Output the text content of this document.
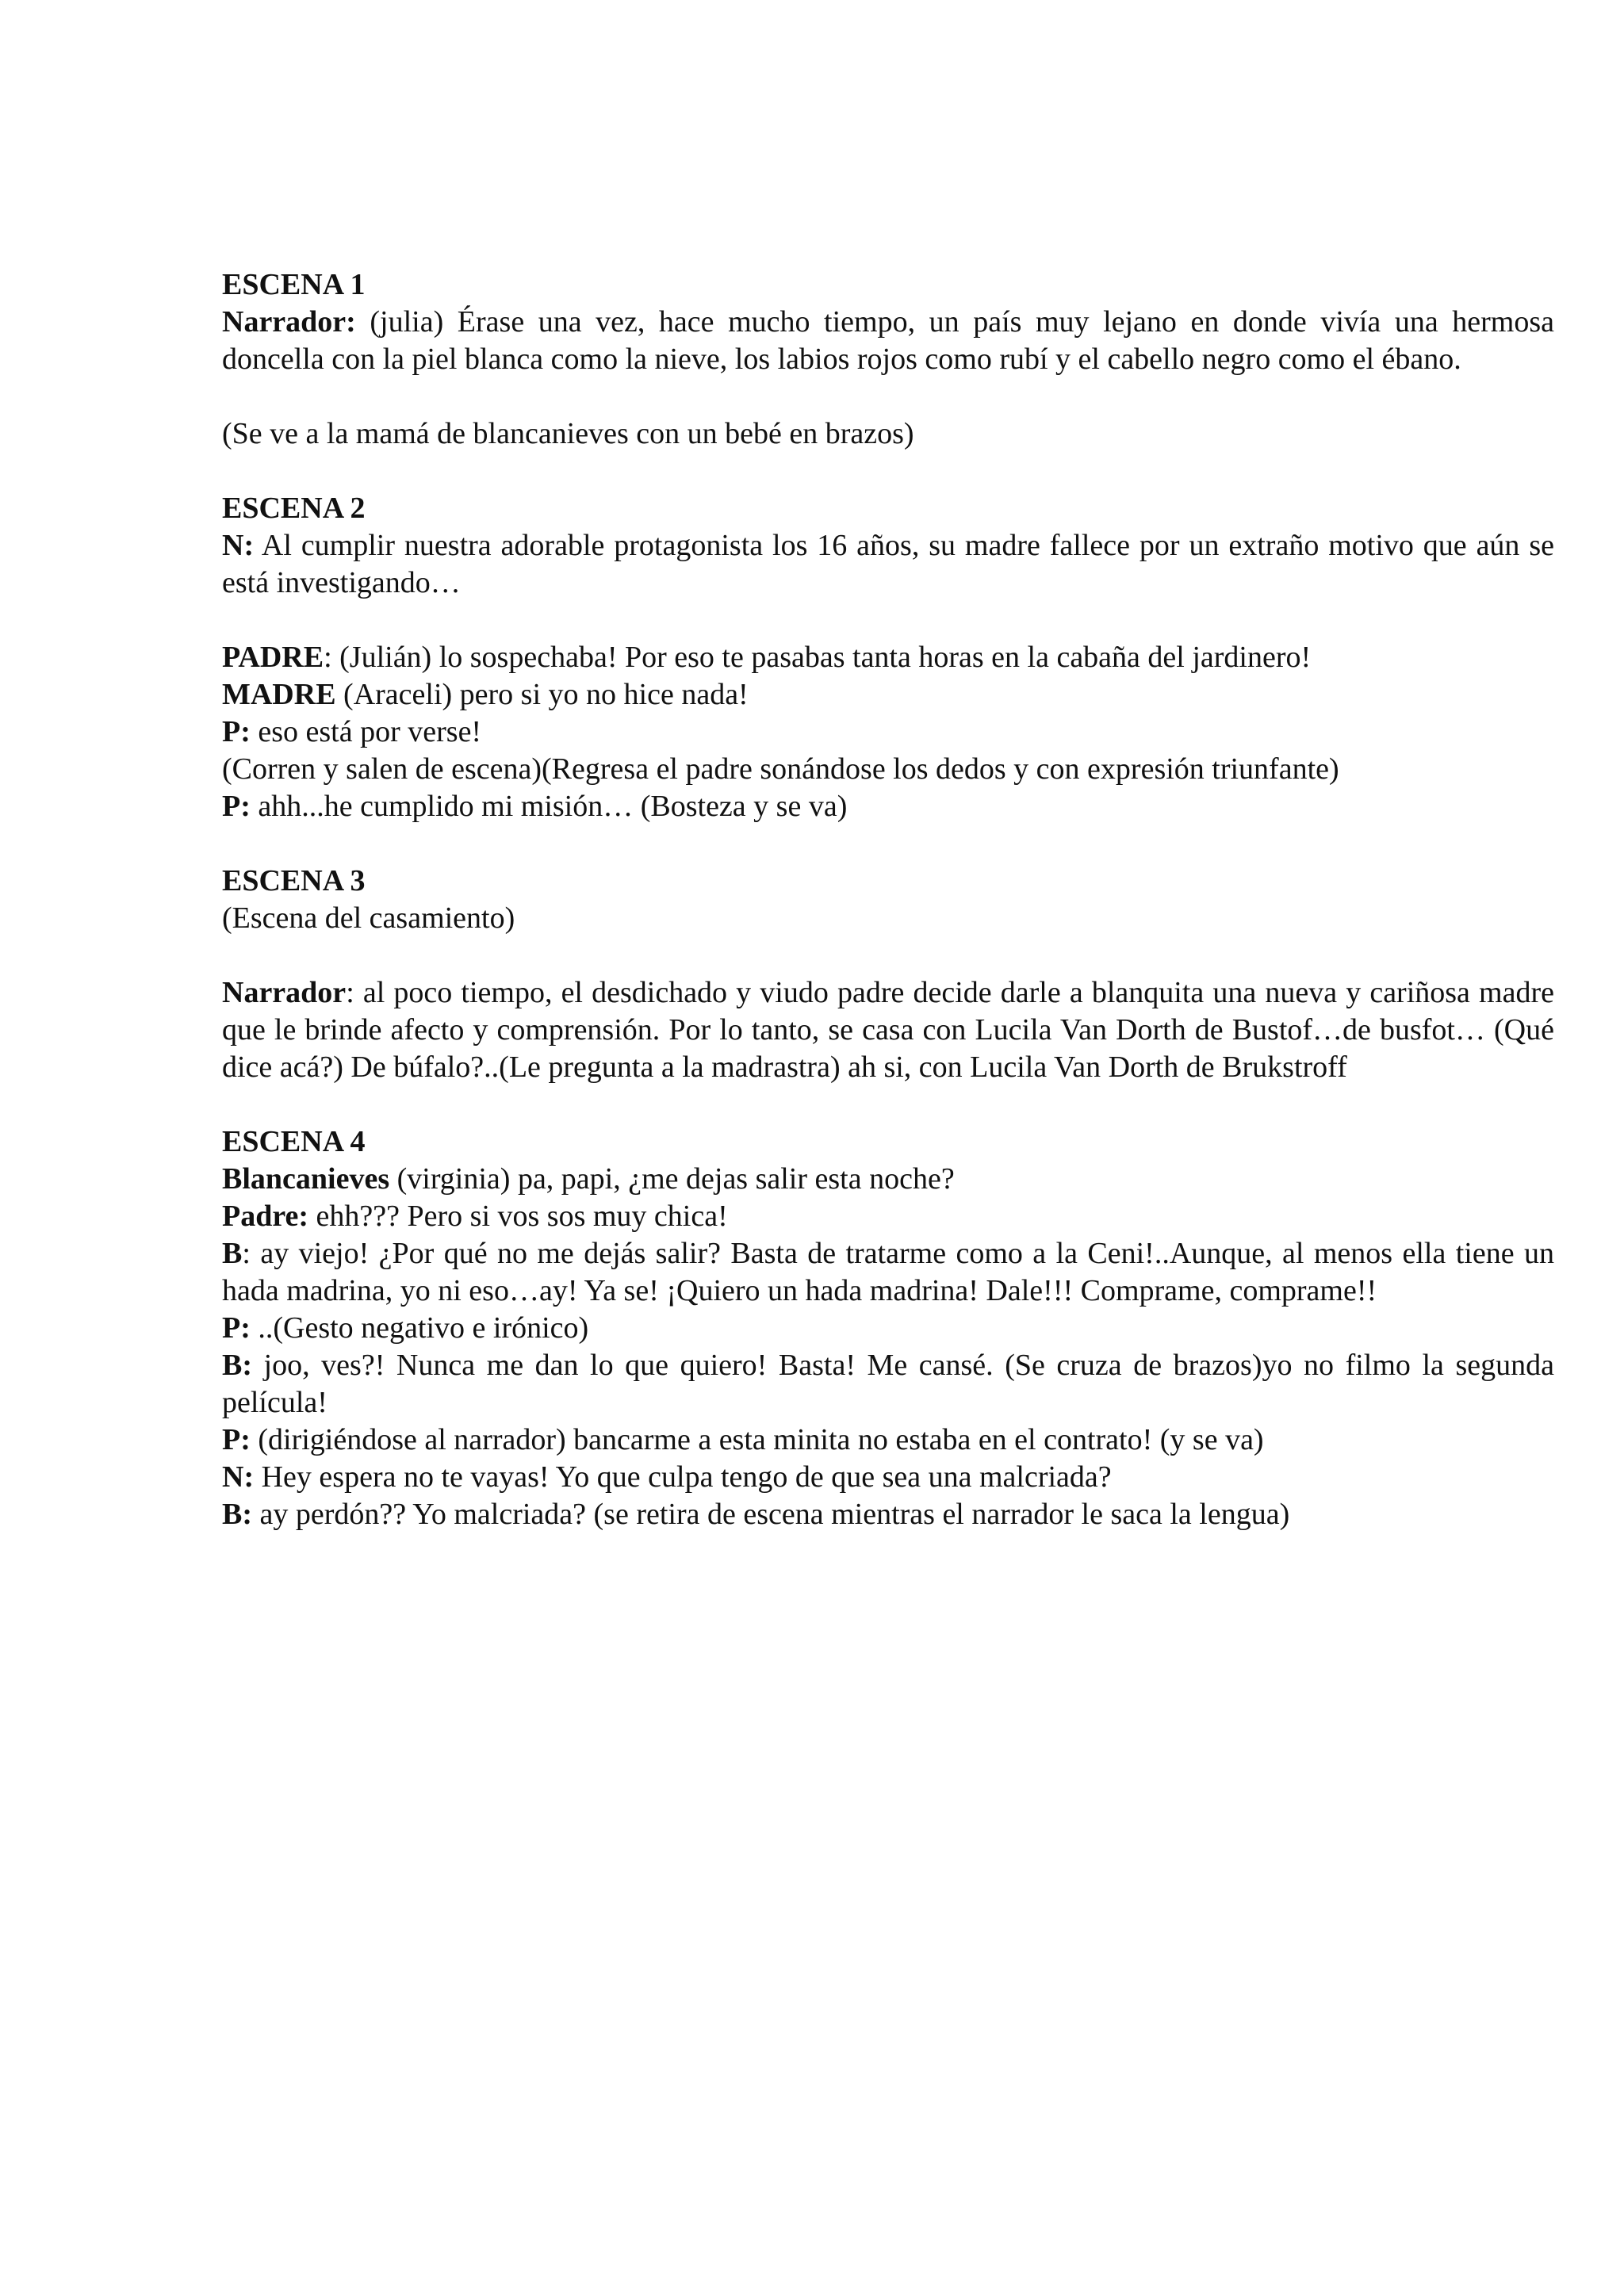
ESCENA 1
Narrador: (julia) Érase una vez, hace mucho tiempo, un país muy lejano en donde vivía una hermosa doncella con la piel blanca como la nieve, los labios rojos como rubí y el cabello negro como el ébano.
(Se ve a la mamá de blancanieves con un bebé en brazos)
ESCENA 2
N: Al cumplir nuestra adorable protagonista los 16 años, su madre fallece por un extraño motivo que aún se está investigando…
PADRE: (Julián) lo sospechaba! Por eso te pasabas tanta horas en la cabaña del jardinero!
MADRE (Araceli) pero si yo no hice nada!
P: eso está por verse!
(Corren y salen de escena)(Regresa el padre sonándose los dedos y con expresión triunfante)
P: ahh...he cumplido mi misión… (Bosteza y se va)
ESCENA 3
(Escena del casamiento)
Narrador: al poco tiempo, el desdichado y viudo padre decide darle a blanquita una nueva y cariñosa madre que le brinde afecto y comprensión. Por lo tanto, se casa con Lucila Van Dorth de Bustof…de busfot… (Qué dice acá?) De búfalo?..(Le pregunta a la madrastra) ah si, con Lucila Van Dorth de Brukstroff
ESCENA 4
Blancanieves (virginia) pa, papi, ¿me dejas salir esta noche?
Padre: ehh??? Pero si vos sos muy chica!
B: ay viejo! ¿Por qué no me dejás salir? Basta de tratarme como a la Ceni!..Aunque, al menos ella tiene un hada madrina, yo ni eso…ay! Ya se! ¡Quiero un hada madrina! Dale!!! Comprame, comprame!!
P: ..(Gesto negativo e irónico)
B: joo, ves?! Nunca me dan lo que quiero! Basta! Me cansé. (Se cruza de brazos)yo no filmo la segunda película!
P: (dirigiéndose al narrador) bancarme a esta minita no estaba en el contrato! (y se va)
N: Hey espera no te vayas! Yo que culpa tengo de que sea una malcriada?
B: ay perdón?? Yo malcriada? (se retira de escena mientras el narrador le saca la lengua)
